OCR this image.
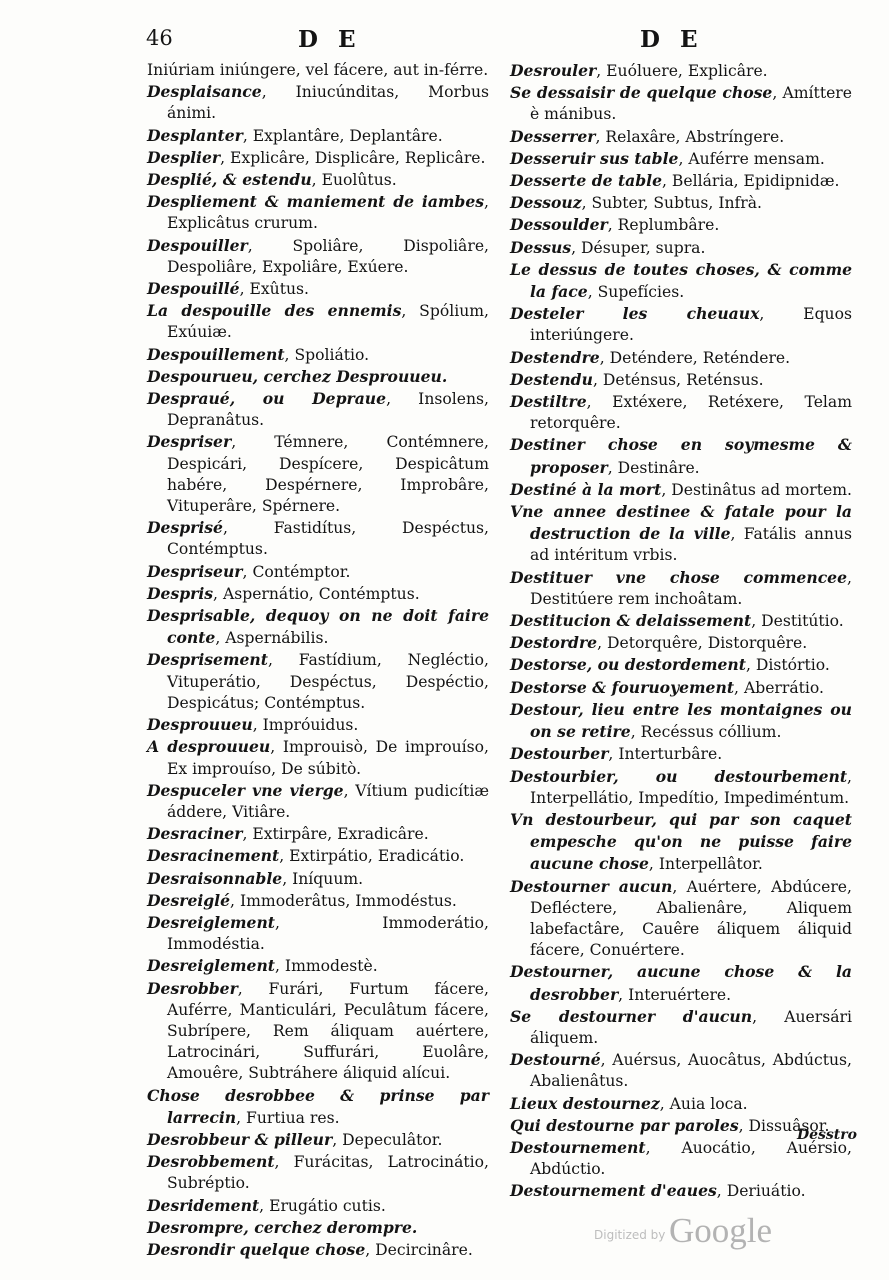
46	D E	D E

Iniúriam iniúngere, vel fácere, aut in-férre.

Desplaisance, Iniucúnditas, Morbus ánimi.

Desplanter, Explantâre, Deplantâre.

Desplier, Explicâre, Displicâre, Replicâre.

Desplié, & estendu, Euolûtus.

Despliement & maniement de iambes, Explicâtus crurum.

Despouiller, Spoliâre, Dispoliâre, Despoliâre, Expoliâre, Exúere.

Despouillé, Exûtus.

La despouille des ennemis, Spólium, Exúuiæ.

Despouillement, Spoliátio.

Despourueu, cerchez Desprouueu.

Despraué, ou Depraue, Insolens, Depranâtus.

Despriser, Témnere, Contémnere, Despicári, Despícere, Despicâtum habére, Despérnere, Improbâre, Vituperâre, Spérnere.

Desprisé, Fastidítus, Despéctus, Contémptus.

Despriseur, Contémptor.

Despris, Aspernátio, Contémptus.

Desprisable, dequoy on ne doit faire conte, Aspernábilis.

Desprisement, Fastídium, Negléctio, Vituperátio, Despéctus, Despéctio, Despicátus; Contémptus.

Desprouueu, Impróuidus.

A desprouueu, Improuisò, De improuíso, Ex improuíso, De súbitò.

Despuceler vne vierge, Vítium pudicítiæ áddere, Vitiâre.

Desraciner, Extirpâre, Exradicâre.

Desracinement, Extirpátio, Eradicátio.

Desraisonnable, Iníquum.

Desreiglé, Immoderâtus, Immodéstus.

Desreiglement, Immoderátio, Immodéstia.

Desreiglement, Immodestè.

Desrobber, Furári, Furtum fácere, Auférre, Manticulári, Peculâtum fácere, Subrípere, Rem áliquam auértere, Latrocinári, Suffurári, Euolâre, Amouêre, Subtráhere áliquid alícui.

Chose desrobbee & prinse par larrecin, Furtiua res.

Desrobbeur & pilleur, Depeculâtor.

Desrobbement, Furácitas, Latrocinátio, Subréptio.

Desridement, Erugátio cutis.

Desrompre, cerchez derompre.

Desrondir quelque chose, Decircinâre.

Desrouler, Euóluere, Explicâre.

Se dessaisir de quelque chose, Amíttere è mánibus.

Desserrer, Relaxâre, Abstríngere.

Desseruir sus table, Auférre mensam.

Desserte de table, Bellária, Epidipnidæ.

Dessouz, Subter, Subtus, Infrà.

Dessoulder, Replumbâre.

Dessus, Désuper, supra.

Le dessus de toutes choses, & comme la face, Supefícies.

Desteler les cheuaux, Equos interiúngere.

Destendre, Deténdere, Reténdere.

Destendu, Deténsus, Reténsus.

Destiltre, Extéxere, Retéxere, Telam retorquêre.

Destiner chose en soymesme & proposer, Destinâre.

Destiné à la mort, Destinâtus ad mortem.

Vne annee destinee & fatale pour la destruction de la ville, Fatális annus ad intéritum vrbis.

Destituer vne chose commencee, Destitúere rem inchoâtam.

Destitucion & delaissement, Destitútio.

Destordre, Detorquêre, Distorquêre.

Destorse, ou destordement, Distórtio.

Destorse & fouruoyement, Aberrátio.

Destour, lieu entre les montaignes ou on se retire, Recéssus cóllium.

Destourber, Interturbâre.

Destourbier, ou destourbement, Interpellátio, Impedítio, Impediméntum.

Vn destourbeur, qui par son caquet empesche qu'on ne puisse faire aucune chose, Interpellâtor.

Destourner aucun, Auértere, Abdúcere, Defléctere, Abalienâre, Aliquem labefactâre, Cauêre áliquem áliquid fácere, Conuértere.

Destourner, aucune chose & la desrobber, Interuértere.

Se destourner d'aucun, Auersári áliquem.

Destourné, Auérsus, Auocâtus, Abdúctus, Abalienâtus.

Lieux destournez, Auia loca.

Qui destourne par paroles, Dissuâsor.

Destournement, Auocátio, Auérsio, Abdúctio.

Destournement d'eaues, Deriuátio.

Desstro
Digitized by Google
